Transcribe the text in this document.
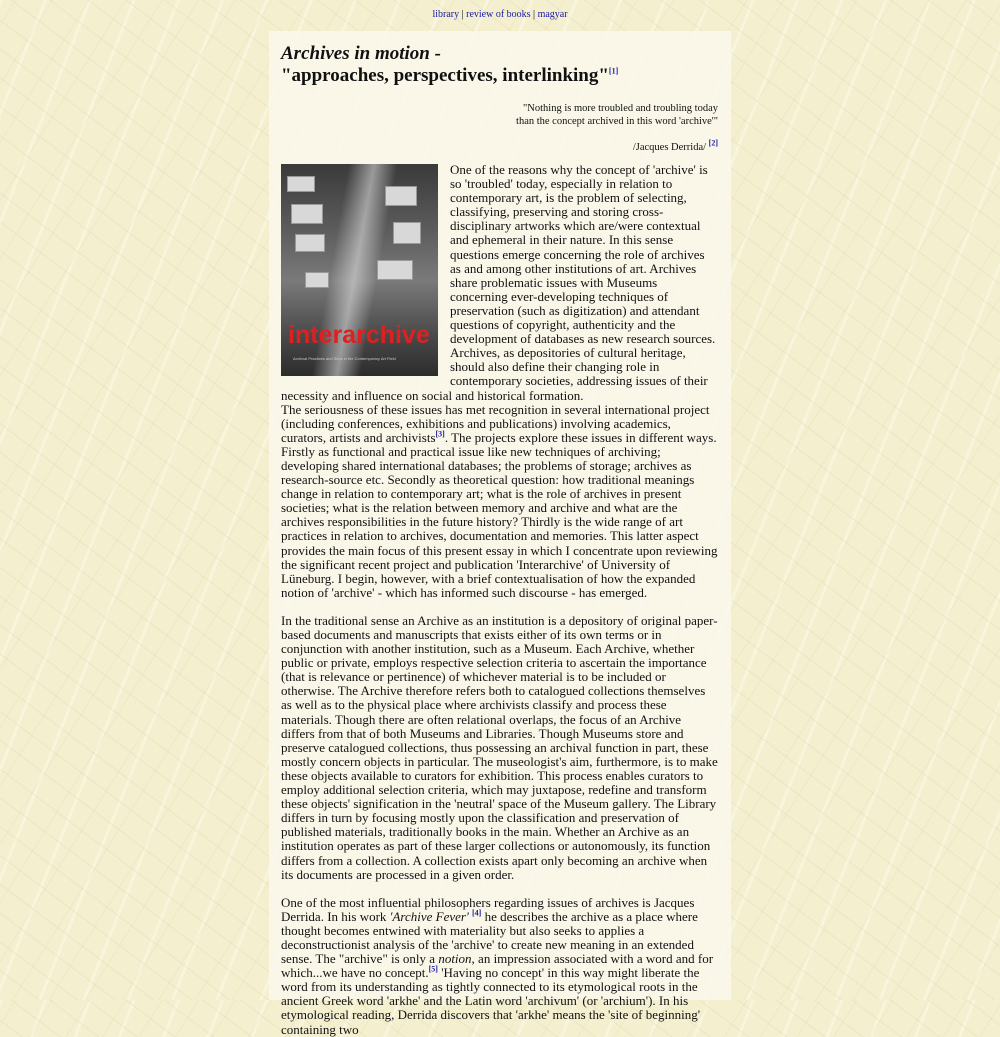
library | review of books | magyar
Archives in motion -
"approaches, perspectives, interlinking"[1]
"Nothing is more troubled and troubling today
than the concept archived in this word 'archive'"
/Jacques Derrida/ [2]
interarchive
Archival Practices and Sites in the Contemporary Art Field

One of the reasons why the concept of 'archive' is so 'troubled' today, especially in relation to contemporary art, is the problem of selecting, classifying, preserving and storing cross-disciplinary artworks which are/were contextual and ephemeral in their nature. In this sense questions emerge concerning the role of archives as and among other institutions of art. Archives share problematic issues with Museums concerning ever-developing techniques of preservation (such as digitization) and attendant questions of copyright, authenticity and the development of databases as new research sources. Archives, as depositories of cultural heritage, should also define their changing role in contemporary societies, addressing issues of their necessity and influence on social and historical formation.

The seriousness of these issues has met recognition in several international project (including conferences, exhibitions and publications) involving academics, curators, artists and archivists[3]. The projects explore these issues in different ways. Firstly as functional and practical issue like new techniques of archiving; developing shared international databases; the problems of storage; archives as research-source etc. Secondly as theoretical question: how traditional meanings change in relation to contemporary art; what is the role of archives in present societies; what is the relation between memory and archive and what are the archives responsibilities in the future history? Thirdly is the wide range of art practices in relation to archives, documentation and memories. This latter aspect provides the main focus of this present essay in which I concentrate upon reviewing the significant recent project and publication 'Interarchive' of University of Lüneburg. I begin, however, with a brief contextualisation of how the expanded notion of 'archive' - which has informed such discourse - has emerged.

In the traditional sense an Archive as an institution is a depository of original paper-based documents and manuscripts that exists either of its own terms or in conjunction with another institution, such as a Museum. Each Archive, whether public or private, employs respective selection criteria to ascertain the importance (that is relevance or pertinence) of whichever material is to be included or otherwise. The Archive therefore refers both to catalogued collections themselves as well as to the physical place where archivists classify and process these materials. Though there are often relational overlaps, the focus of an Archive differs from that of both Museums and Libraries. Though Museums store and preserve catalogued collections, thus possessing an archival function in part, these mostly concern objects in particular. The museologist's aim, furthermore, is to make these objects available to curators for exhibition. This process enables curators to employ additional selection criteria, which may juxtapose, redefine and transform these objects' signification in the 'neutral' space of the Museum gallery. The Library differs in turn by focusing mostly upon the classification and preservation of published materials, traditionally books in the main. Whether an Archive as an institution operates as part of these larger collections or autonomously, its function differs from a collection. A collection exists apart only becoming an archive when its documents are processed in a given order.

One of the most influential philosophers regarding issues of archives is Jacques Derrida. In his work 'Archive Fever' [4] he describes the archive as a place where thought becomes entwined with materiality but also seeks to applies a deconstructionist analysis of the 'archive' to create new meaning in an extended sense. The "archive" is only a notion, an impression associated with a word and for which...we have no concept.[5] 'Having no concept' in this way might liberate the word from its understanding as tightly connected to its etymological roots in the ancient Greek word 'arkhe' and the Latin word 'archivum' (or 'archium'). In his etymological reading, Derrida discovers that 'arkhe' means the 'site of beginning' containing two
